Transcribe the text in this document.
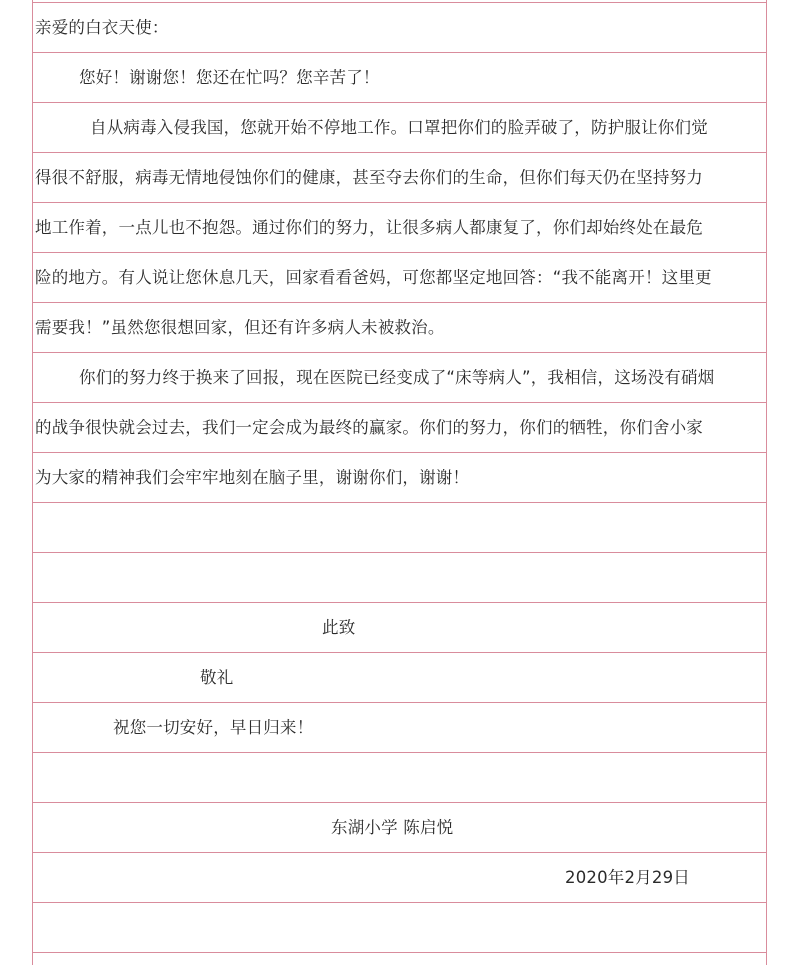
亲爱的白衣天使：
您好！谢谢您！您还在忙吗？您辛苦了！
自从病毒入侵我国，您就开始不停地工作。口罩把你们的脸弄破了，防护服让你们觉
得很不舒服，病毒无情地侵蚀你们的健康，甚至夺去你们的生命，但你们每天仍在坚持努力
地工作着，一点儿也不抱怨。通过你们的努力，让很多病人都康复了，你们却始终处在最危
险的地方。有人说让您休息几天，回家看看爸妈，可您都坚定地回答：“我不能离开！这里更
需要我！”虽然您很想回家，但还有许多病人未被救治。
你们的努力终于换来了回报，现在医院已经变成了“床等病人”，我相信，这场没有硝烟
的战争很快就会过去，我们一定会成为最终的赢家。你们的努力，你们的牺牲，你们舍小家
为大家的精神我们会牢牢地刻在脑子里，谢谢你们，谢谢！
此致
敬礼
祝您一切安好，早日归来！
东湖小学 陈启悦
2020年2月29日
